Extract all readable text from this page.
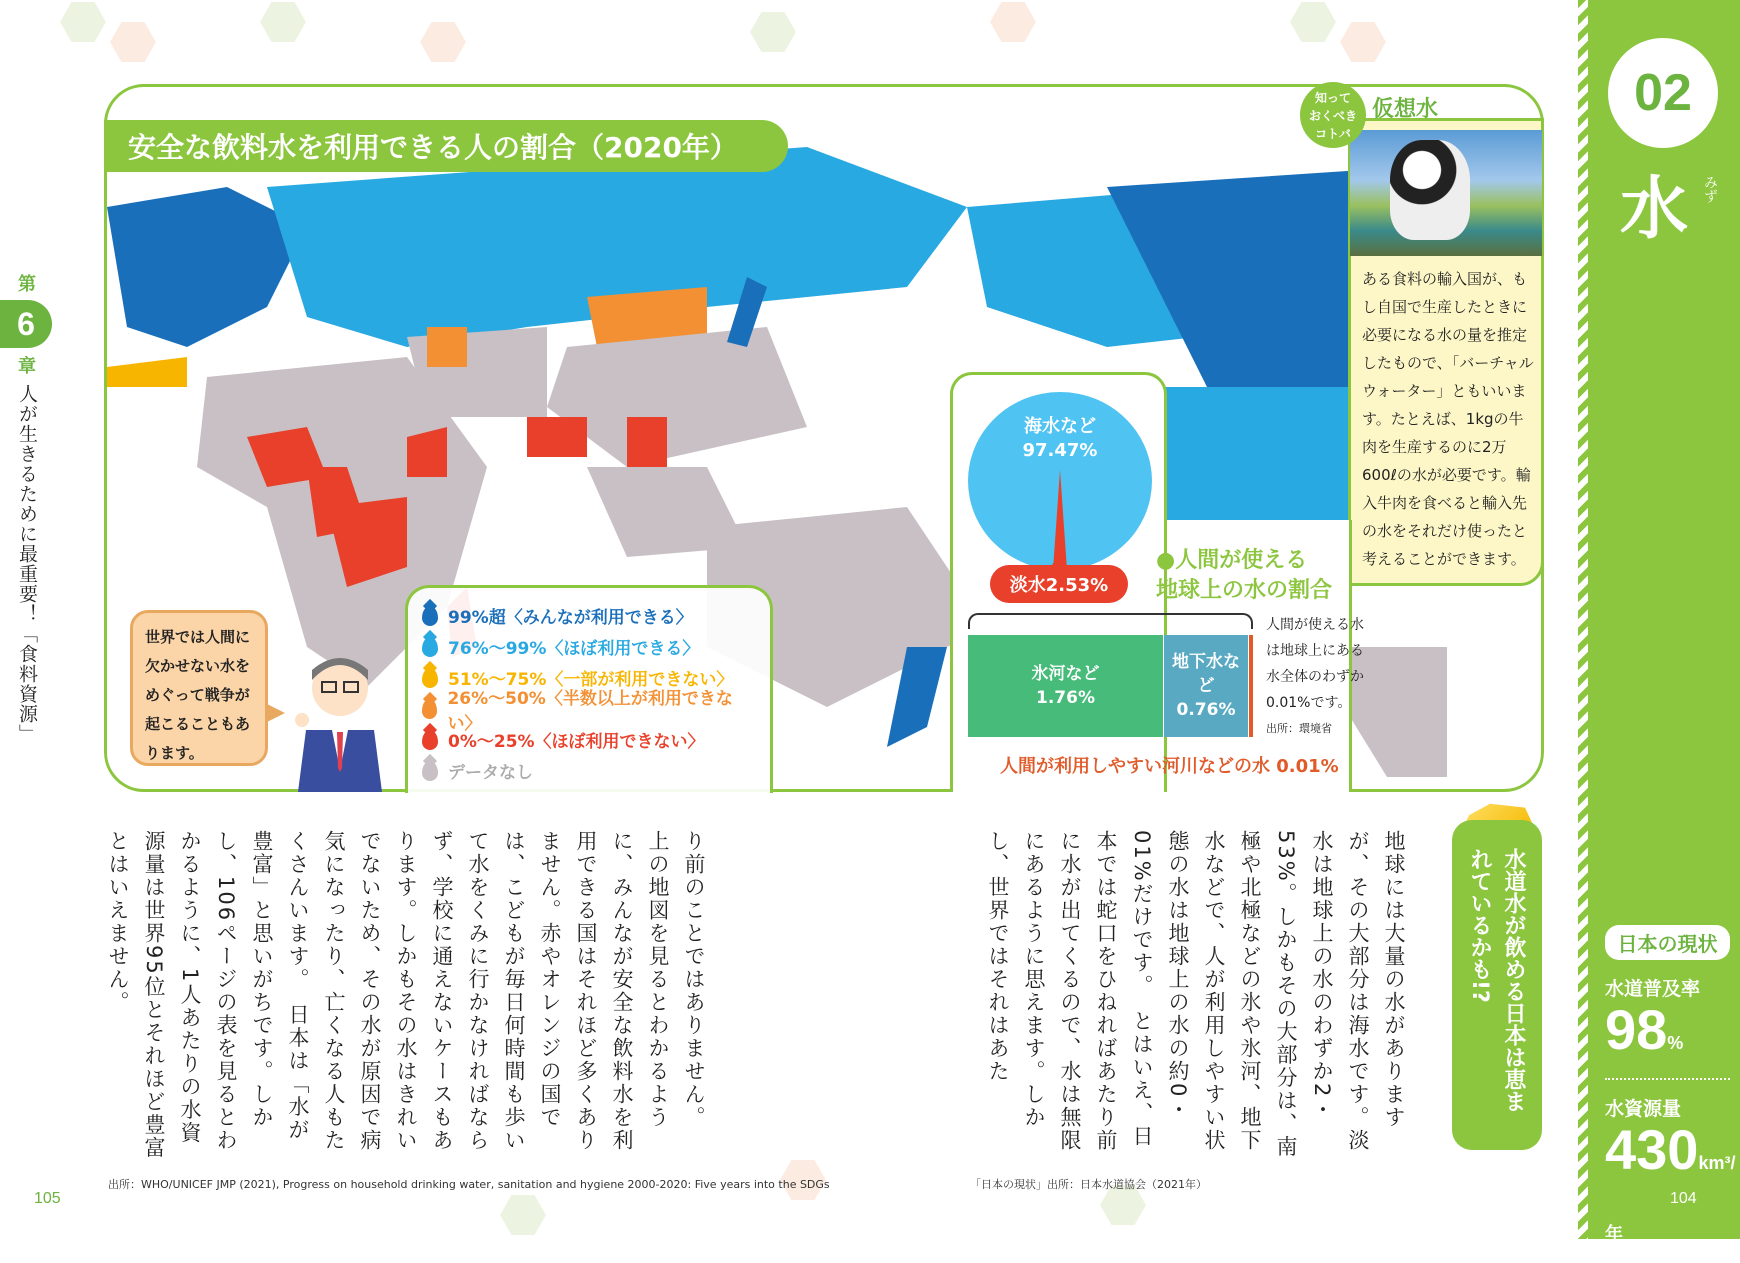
02
水 みず
日本の現状
水道普及率
98%
水資源量
430km³/年
第
6
章
人が生きるために最重要！「食料資源」
安全な飲料水を利用できる人の割合（2020年）
99%超〈みんなが利用できる〉
76%～99%〈ほぼ利用できる〉
51%～75%〈一部が利用できない〉
26%～50%〈半数以上が利用できない〉
0%～25%〈ほぼ利用できない〉
データなし
世界では人間に欠かせない水をめぐって戦争が起こることもあります。
知って
おくべき
コトバ
仮想水
ある食料の輸入国が、もし自国で生産したときに必要になる水の量を推定したもので、「バーチャルウォーター」ともいいます。たとえば、1kgの牛肉を生産するのに2万600ℓの水が必要です。輸入牛肉を食べると輸入先の水をそれだけ使ったと考えることができます。
海水など
97.47%
淡水2.53%
●人間が使える
地球上の水の割合
氷河など
1.76%
地下水など
0.76%
人間が使える水は地球上にある水全体のわずか0.01%です。
出所：環境省
人間が利用しやすい河川などの水 0.01%
水道水が飲める日本は恵まれているかも!?
地球には大量の水がありますが、その大部分は海水です。淡水は地球上の水のわずか2・53%。しかもその大部分は、南極や北極などの氷や氷河、地下水などで、人が利用しやすい状態の水は地球上の水の約0・01%だけです。　とはいえ、日本では蛇口をひねればあたり前に水が出てくるので、水は無限にあるように思えます。しかし、世界ではそれはあた
り前のことではありません。　上の地図を見るとわかるように、みんなが安全な飲料水を利用できる国はそれほど多くありません。赤やオレンジの国では、こどもが毎日何時間も歩いて水をくみに行かなければならず、学校に通えないケースもあります。しかもその水はきれいでないため、その水が原因で病気になったり、亡くなる人もたくさんいます。　日本は「水が豊富」と思いがちです。しかし、106ページの表を見るとわかるように、1人あたりの水資源量は世界95位とそれほど豊富とはいえません。
出所：WHO/UNICEF JMP (2021), Progress on household drinking water, sanitation and hygiene 2000-2020: Five years into the SDGs	「日本の現状」出所：日本水道協会（2021年）
105	104
